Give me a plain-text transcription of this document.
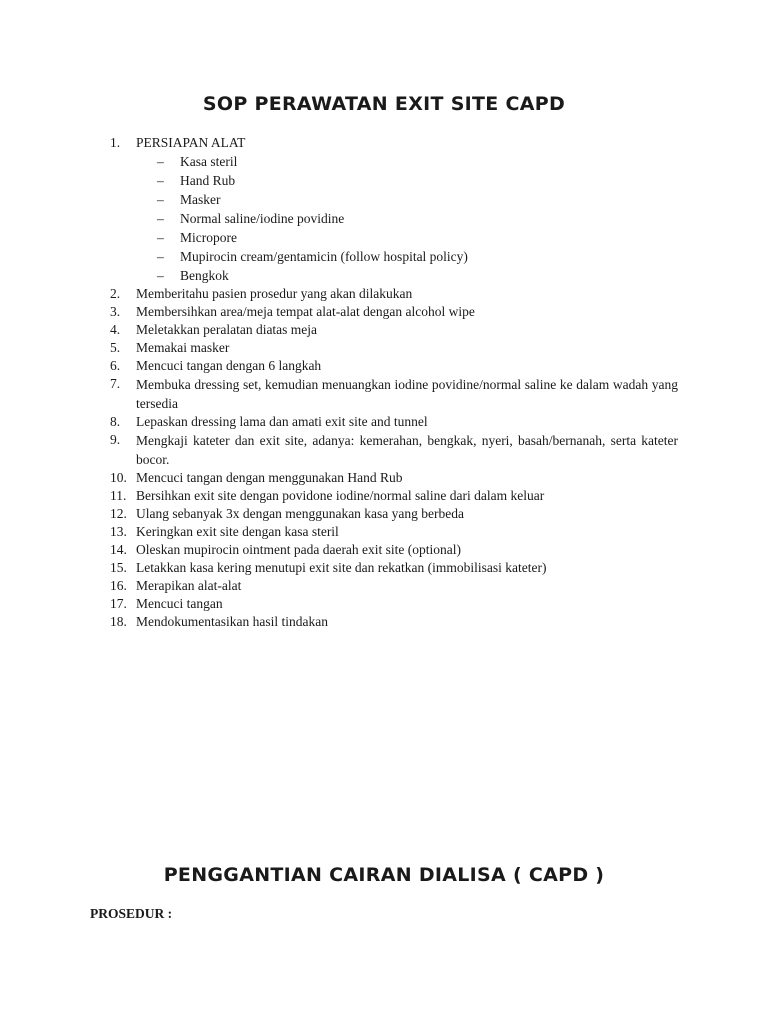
SOP PERAWATAN EXIT SITE CAPD
1.	PERSIAPAN ALAT
– Kasa steril
– Hand Rub
– Masker
– Normal saline/iodine povidine
– Micropore
– Mupirocin cream/gentamicin (follow hospital policy)
– Bengkok
2.	Memberitahu pasien prosedur yang akan dilakukan
3.	Membersihkan area/meja tempat alat-alat dengan alcohol wipe
4.	Meletakkan peralatan diatas meja
5.	Memakai masker
6.	Mencuci tangan dengan 6 langkah
7.	Membuka dressing set, kemudian menuangkan iodine povidine/normal saline ke dalam wadah yang tersedia
8.	Lepaskan dressing lama dan amati exit site and tunnel
9.	Mengkaji kateter dan exit site, adanya: kemerahan, bengkak, nyeri, basah/bernanah, serta kateter bocor.
10. Mencuci tangan dengan menggunakan Hand Rub
11. Bersihkan exit site dengan povidone iodine/normal saline dari dalam keluar
12. Ulang sebanyak 3x dengan menggunakan kasa yang berbeda
13. Keringkan exit site dengan kasa steril
14. Oleskan mupirocin ointment pada daerah exit site (optional)
15. Letakkan kasa kering menutupi exit site dan rekatkan (immobilisasi kateter)
16. Merapikan alat-alat
17. Mencuci tangan
18. Mendokumentasikan hasil tindakan
PENGGANTIAN CAIRAN DIALISA ( CAPD )

PROSEDUR :
